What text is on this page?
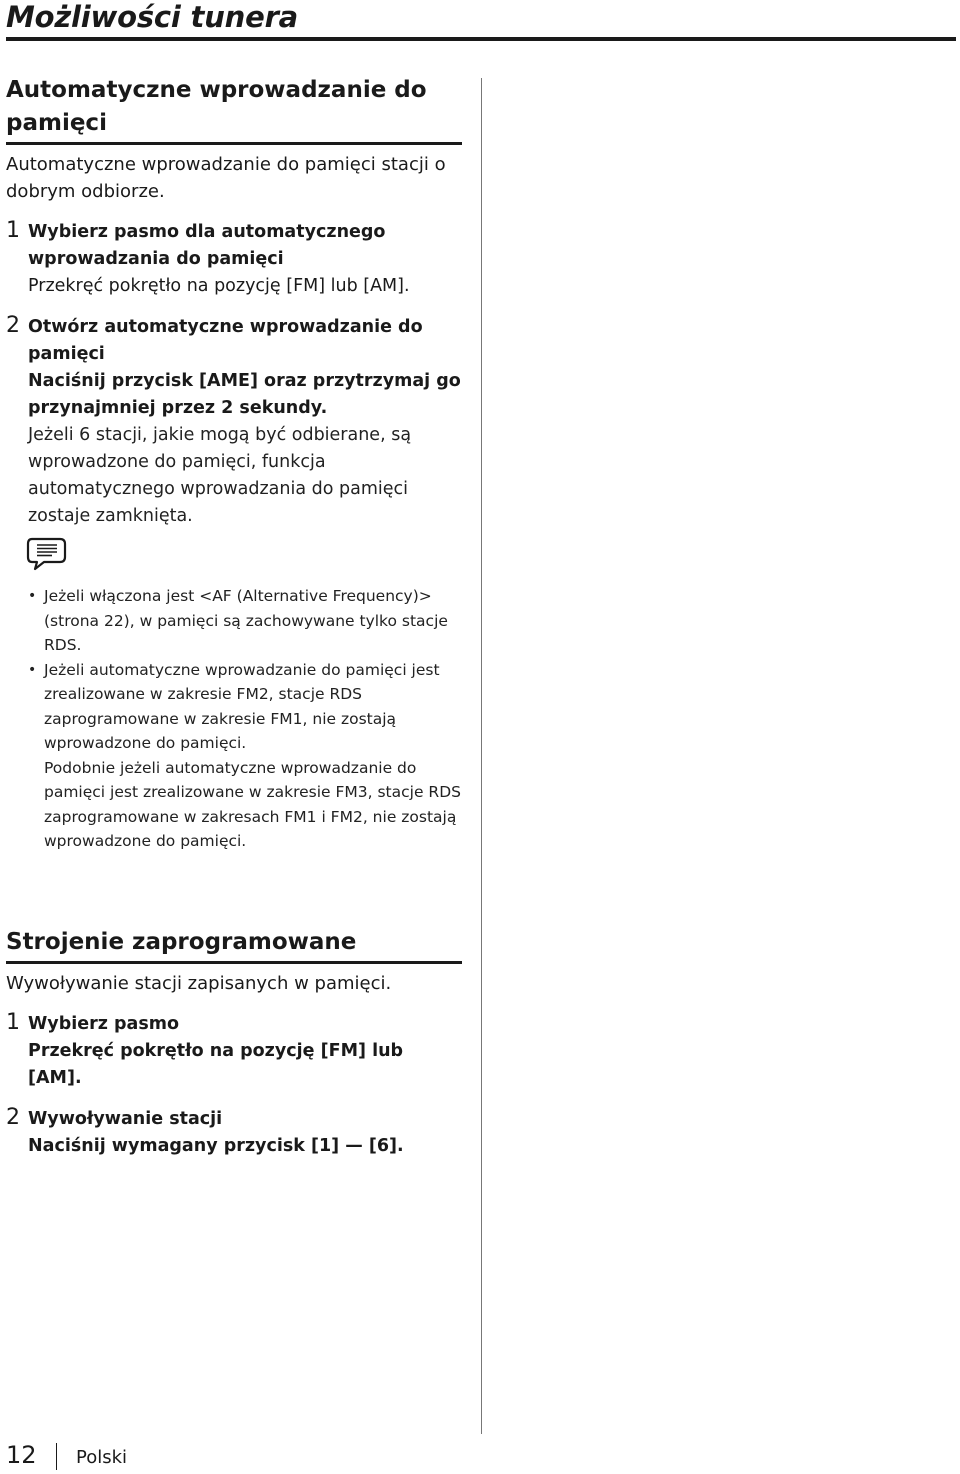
Możliwości tunera
Automatyczne wprowadzanie do pamięci

Automatyczne wprowadzanie do pamięci stacji o dobrym odbiorze.

1 Wybierz pasmo dla automatycznego wprowadzania do pamięci

Przekręć pokrętło na pozycję [FM] lub [AM].

2 Otwórz automatyczne wprowadzanie do pamięci

Naciśnij przycisk [AME] oraz przytrzymaj go przynajmniej przez 2 sekundy.

Jeżeli 6 stacji, jakie mogą być odbierane, są wprowadzone do pamięci, funkcja automatycznego wprowadzania do pamięci zostaje zamknięta.

• Jeżeli włączona jest <AF (Alternative Frequency)> (strona 22), w pamięci są zachowywane tylko stacje RDS.
• Jeżeli automatyczne wprowadzanie do pamięci jest zrealizowane w zakresie FM2, stacje RDS zaprogramowane w zakresie FM1, nie zostają wprowadzone do pamięci.
Podobnie jeżeli automatyczne wprowadzanie do pamięci jest zrealizowane w zakresie FM3, stacje RDS zaprogramowane w zakresach FM1 i FM2, nie zostają wprowadzone do pamięci.
Strojenie zaprogramowane

Wywoływanie stacji zapisanych w pamięci.

1 Wybierz pasmo

Przekręć pokrętło na pozycję [FM] lub [AM].

2 Wywoływanie stacji

Naciśnij wymagany przycisk [1] — [6].

12 Polski
